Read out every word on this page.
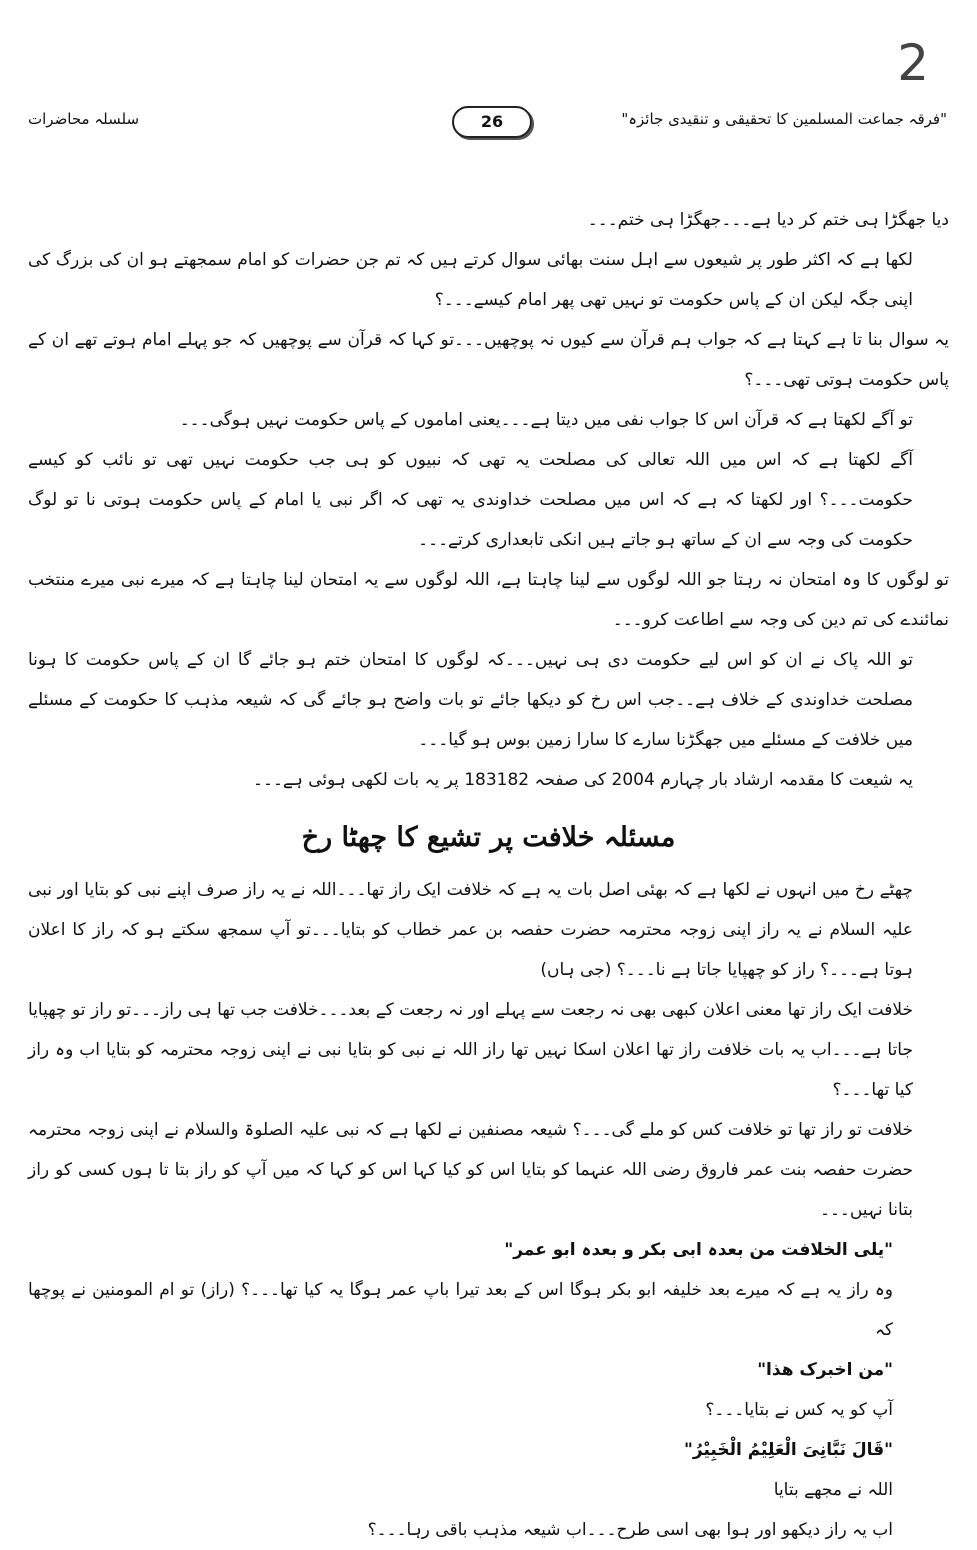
2
سلسلہ محاضرات	26	"فرقہ جماعت المسلمین کا تحقیقی و تنقیدی جائزہ"

دیا جھگڑا ہی ختم کر دیا ہے۔۔۔جھگڑا ہی ختم۔۔۔

لکھا ہے کہ اکثر طور پر شیعوں سے اہل سنت بھائی سوال کرتے ہیں کہ تم جن حضرات کو امام سمجھتے ہو ان کی بزرگ کی اپنی جگہ لیکن ان کے پاس حکومت تو نہیں تھی پھر امام کیسے۔۔۔؟

یہ سوال بنا تا ہے کہتا ہے کہ جواب ہم قرآن سے کیوں نہ پوچھیں۔۔۔تو کہا کہ قرآن سے پوچھیں کہ جو پہلے امام ہوتے تھے ان کے پاس حکومت ہوتی تھی۔۔۔؟

تو آگے لکھتا ہے کہ قرآن اس کا جواب نفی میں دیتا ہے۔۔۔یعنی اماموں کے پاس حکومت نہیں ہوگی۔۔۔

آگے لکھتا ہے کہ اس میں اللہ تعالی کی مصلحت یہ تھی کہ نبیوں کو ہی جب حکومت نہیں تھی تو نائب کو کیسے حکومت۔۔۔؟ اور لکھتا کہ ہے کہ اس میں مصلحت خداوندی یہ تھی کہ اگر نبی یا امام کے پاس حکومت ہوتی نا تو لوگ حکومت کی وجہ سے ان کے ساتھ ہو جاتے ہیں انکی تابعداری کرتے۔۔۔

تو لوگوں کا وہ امتحان نہ رہتا جو اللہ لوگوں سے لینا چاہتا ہے، اللہ لوگوں سے یہ امتحان لینا چاہتا ہے کہ میرے نبی میرے منتخب نمائندے کی تم دین کی وجہ سے اطاعت کرو۔۔۔

تو اللہ پاک نے ان کو اس لیے حکومت دی ہی نہیں۔۔۔کہ لوگوں کا امتحان ختم ہو جائے گا ان کے پاس حکومت کا ہونا مصلحت خداوندی کے خلاف ہے۔۔جب اس رخ کو دیکھا جائے تو بات واضح ہو جائے گی کہ شیعہ مذہب کا حکومت کے مسئلے میں خلافت کے مسئلے میں جھگڑنا سارے کا سارا زمین بوس ہو گیا۔۔۔

یہ شیعت کا مقدمہ ارشاد بار چہارم 2004 کی صفحہ 183182 پر یہ بات لکھی ہوئی ہے۔۔۔

مسئلہ خلافت پر تشیع کا چھٹا رخ

چھٹے رخ میں انہوں نے لکھا ہے کہ بھئی اصل بات یہ ہے کہ خلافت ایک راز تھا۔۔۔اللہ نے یہ راز صرف اپنے نبی کو بتایا اور نبی علیہ السلام نے یہ راز اپنی زوجہ محترمہ حضرت حفصہ بن عمر خطاب کو بتایا۔۔۔تو آپ سمجھ سکتے ہو کہ راز کا اعلان ہوتا ہے۔۔۔؟ راز کو چھپایا جاتا ہے نا۔۔۔؟ (جی ہاں)

خلافت ایک راز تھا معنی اعلان کبھی بھی نہ رجعت سے پہلے اور نہ رجعت کے بعد۔۔۔خلافت جب تھا ہی راز۔۔۔تو راز تو چھپایا جاتا ہے۔۔۔اب یہ بات خلافت راز تھا اعلان اسکا نہیں تھا راز اللہ نے نبی کو بتایا نبی نے اپنی زوجہ محترمہ کو بتایا اب وہ راز کیا تھا۔۔۔؟

خلافت تو راز تھا تو خلافت کس کو ملے گی۔۔۔؟ شیعہ مصنفین نے لکھا ہے کہ نبی علیہ الصلوۃ والسلام نے اپنی زوجہ محترمہ حضرت حفصہ بنت عمر فاروق رضی اللہ عنہما کو بتایا اس کو کیا کہا اس کو کہا کہ میں آپ کو راز بتا تا ہوں کسی کو راز بتانا نہیں۔۔۔

"یلی الخلافت من بعدہ ابی بکر و بعدہ ابو عمر"

وہ راز یہ ہے کہ میرے بعد خلیفہ ابو بکر ہوگا اس کے بعد تیرا باپ عمر ہوگا یہ کیا تھا۔۔۔؟ (راز) تو ام المومنین نے پوچھا کہ

"من اخبرک ھذا"

آپ کو یہ کس نے بتایا۔۔۔؟

"قَالَ نَبَّانِیَ الْعَلِیْمُ الْخَبِیْرُ"

اللہ نے مجھے بتایا

اب یہ راز دیکھو اور ہوا بھی اسی طرح۔۔۔اب شیعہ مذہب باقی رہا۔۔۔؟
